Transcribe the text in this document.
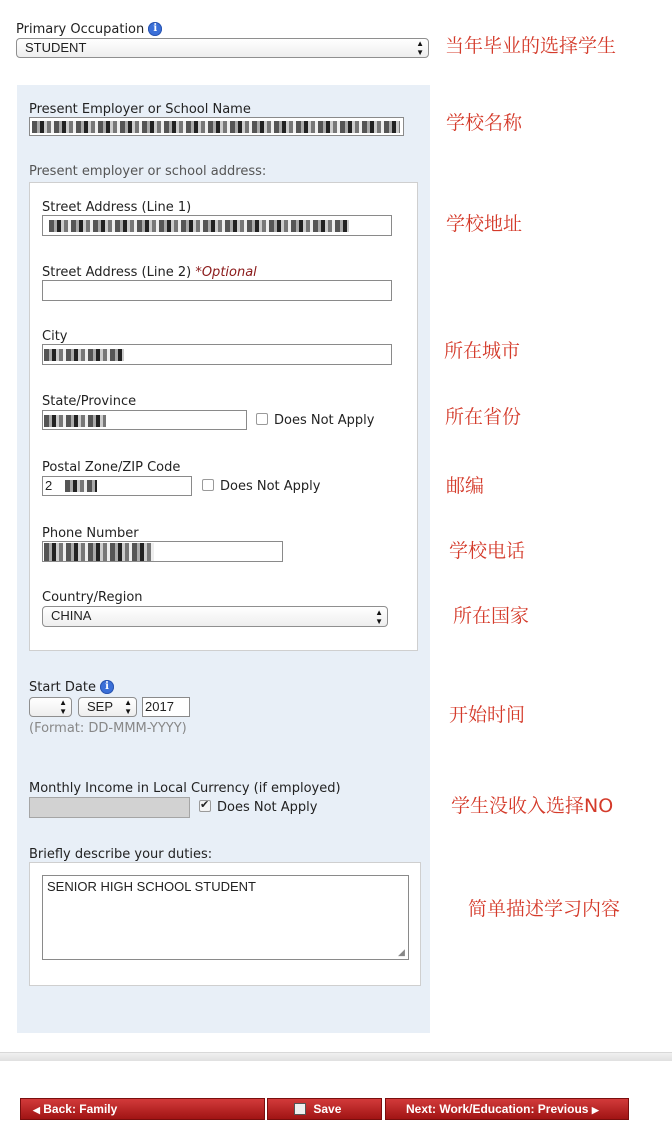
Primary Occupation i
STUDENT	▲
▼ 当年毕业的选择学生
Present Employer or School Name
学校名称
Present employer or school address:
Street Address (Line 1)
学校地址
Street Address (Line 2) *Optional
City
所在城市
State/Province
Does Not Apply	所在省份
Postal Zone/ZIP Code
2	Does Not Apply	邮编
Phone Number
学校电话
Country/Region
CHINA	▲
▼	所在国家
Start Date i
▲
▼	SEP ▲
▼ 2017
(Format: DD-MMM-YYYY)
开始时间
Monthly Income in Local Currency (if employed)
✔
Does Not Apply	学生没收入选择NO
Briefly describe your duties:
SENIOR HIGH SCHOOL STUDENT
◢
简单描述学习内容
◀ Back: Family	Save	Next: Work/Education: Previous ▶
